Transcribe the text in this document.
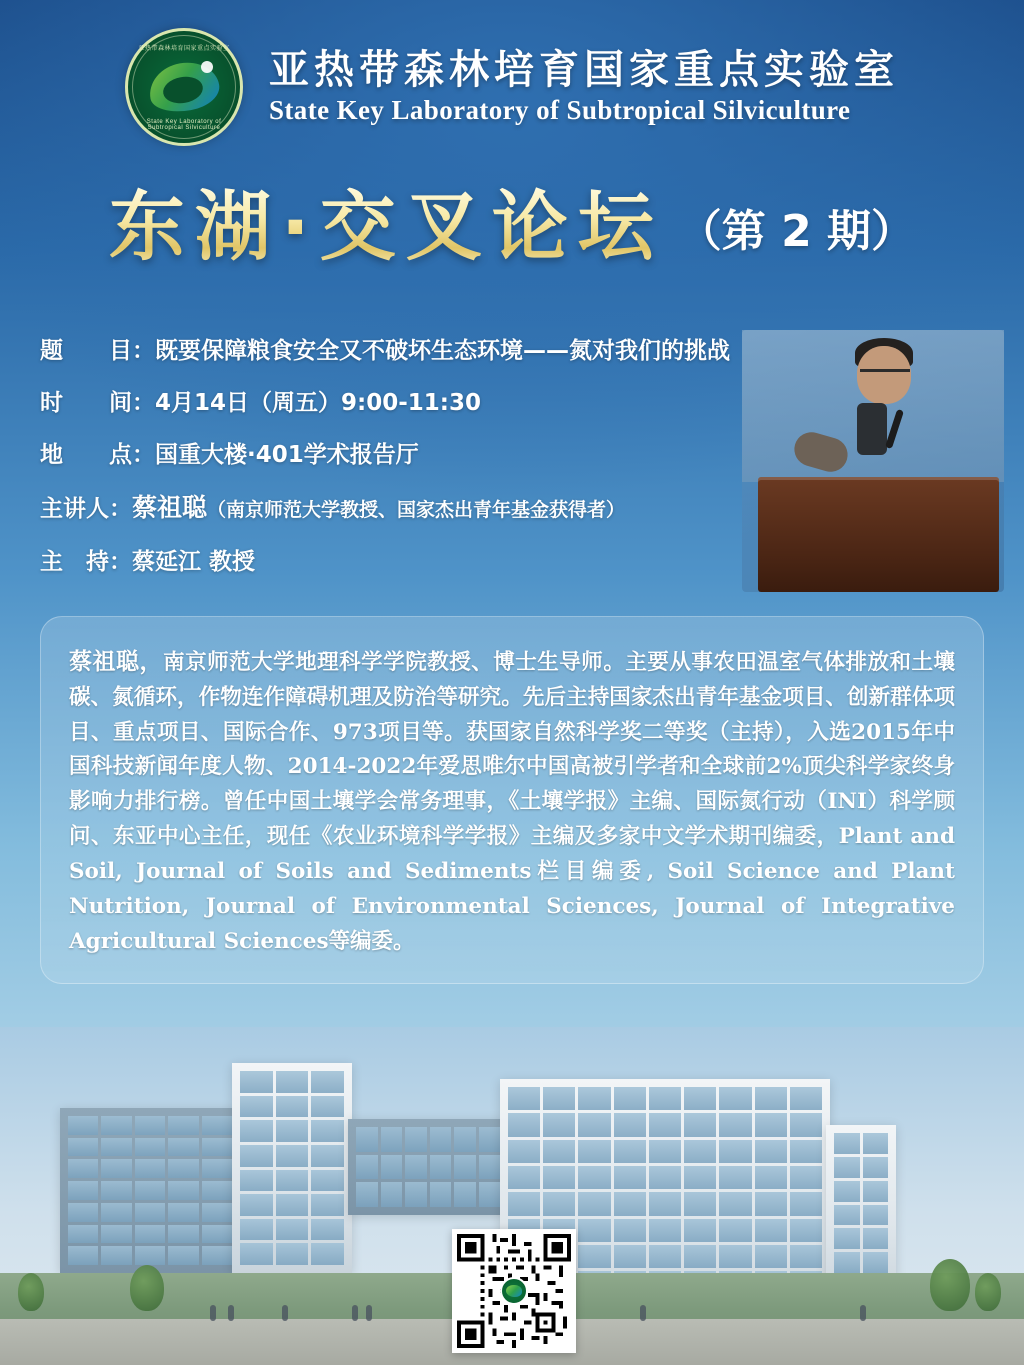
亚热带森林培育国家重点实验室
State Key Laboratory of Subtropical Silviculture
亚热带森林培育国家重点实验室
State Key Laboratory of Subtropical Silviculture
东湖·交叉论坛 （第 2 期）
题　　目： 既要保障粮食安全又不破坏生态环境——氮对我们的挑战
时　　间： 4月14日（周五）9:00-11:30
地　　点： 国重大楼·401学术报告厅
主讲人： 蔡祖聪 （南京师范大学教授、国家杰出青年基金获得者）
主　持： 蔡延江 教授

蔡祖聪，南京师范大学地理科学学院教授、博士生导师。主要从事农田温室气体排放和土壤碳、氮循环，作物连作障碍机理及防治等研究。先后主持国家杰出青年基金项目、创新群体项目、重点项目、国际合作、973项目等。获国家自然科学奖二等奖（主持），入选2015年中国科技新闻年度人物、2014-2022年爱思唯尔中国高被引学者和全球前2%顶尖科学家终身影响力排行榜。曾任中国土壤学会常务理事，《土壤学报》主编、国际氮行动（INI）科学顾问、东亚中心主任，现任《农业环境科学学报》主编及多家中文学术期刊编委，Plant and Soil, Journal of Soils and Sediments栏目编委, Soil Science and Plant Nutrition, Journal of Environmental Sciences, Journal of Integrative Agricultural Sciences等编委。
